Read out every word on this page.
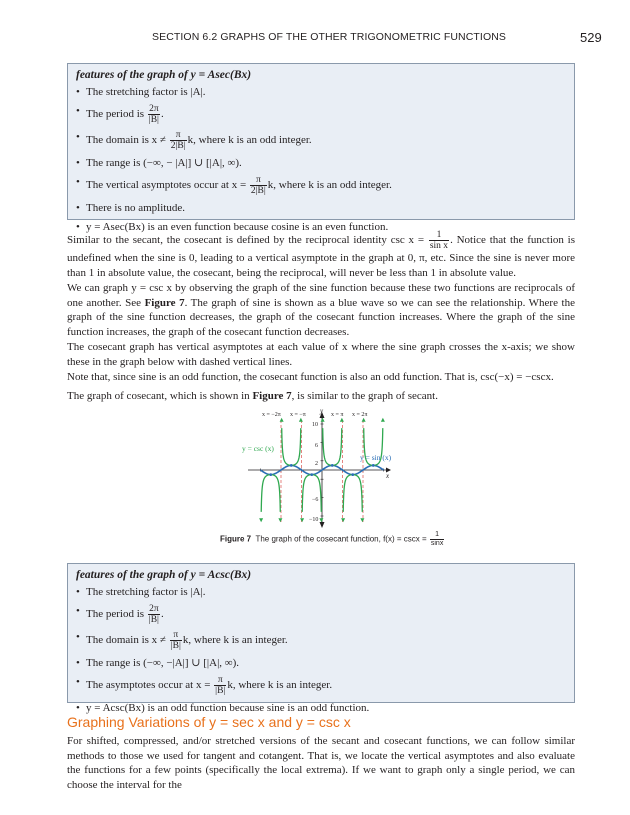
SECTION 6.2 GRAPHS OF THE OTHER TRIGONOMETRIC FUNCTIONS	529
features of the graph of y = Asec(Bx)
• The stretching factor is |A|.
• The period is $\frac{2\pi}{|B|}$ .
• The domain is $x \ne \frac{\pi}{2|B|} k$, where k is an odd integer.
• The range is (−∞, − |A|] ∪ [|A|, ∞).
• The vertical asymptotes occur at $x = \frac{\pi}{2|B|} k$, where k is an odd integer.
• There is no amplitude.
• y = Asec(Bx) is an even function because cosine is an even function.

Similar to the secant, the cosecant is defined by the reciprocal identity $\csc x = \frac{1}{\text{sin x}}$ . Notice that the function is undefined when the sine is 0, leading to a vertical asymptote in the graph at 0, π, etc. Since the sine is never more than 1 in absolute value, the cosecant, being the reciprocal, will never be less than 1 in absolute value.

We can graph y = csc x by observing the graph of the sine function because these two functions are reciprocals of one another. See Figure 7. The graph of sine is shown as a blue wave so we can see the relationship. Where the graph of the sine function decreases, the graph of the cosecant function increases. Where the graph of the sine function increases, the graph of the cosecant function decreases.

The cosecant graph has vertical asymptotes at each value of x where the sine graph crosses the x-axis; we show these in the graph below with dashed vertical lines.

Note that, since sine is an odd function, the cosecant function is also an odd function. That is, csc(−x) = −cscx.

The graph of cosecant, which is shown in Figure 7, is similar to the graph of secant.

x = −2π x = −π	x = π x = 2π
y = csc (x)
y = sin (x)
x
y
10
6
2
−6
−10
Figure 7 The graph of the cosecant function, $f(x) = \csc x = \frac{1}{\sin x}$
features of the graph of y = Acsc(Bx)
• The stretching factor is |A|.
• The period is $\frac{2\pi}{|B|}$ .
• The domain is $x \ne \frac{\pi}{|B|} k$, where k is an integer.
• The range is (−∞, −|A|] ∪ [|A|, ∞).
• The asymptotes occur at $x = \frac{\pi}{|B|} k$, where k is an integer.
• y = Acsc(Bx) is an odd function because sine is an odd function.
Graphing Variations of y = sec x and y = csc x

For shifted, compressed, and/or stretched versions of the secant and cosecant functions, we can follow similar methods to those we used for tangent and cotangent. That is, we locate the vertical asymptotes and also evaluate the functions for a few points (specifically the local extrema). If we want to graph only a single period, we can choose the interval for the
